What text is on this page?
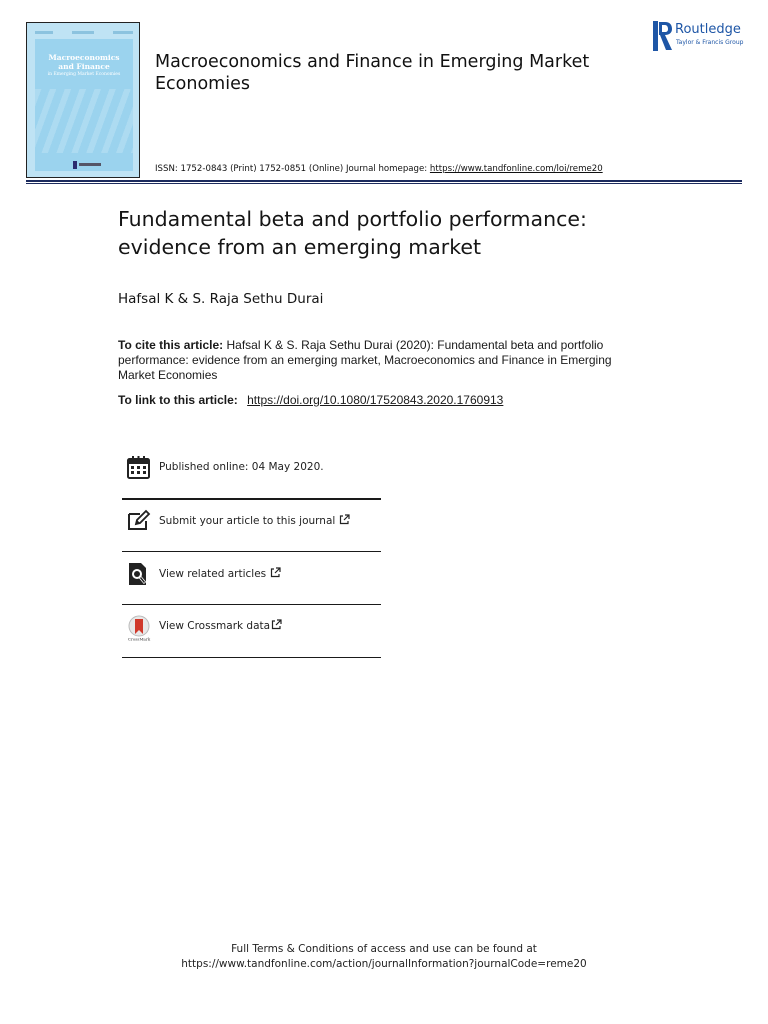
Macroeconomics
and Finance
in Emerging Market Economies
Macroeconomics and Finance in Emerging Market Economies
ISSN: 1752-0843 (Print) 1752-0851 (Online) Journal homepage: https://www.tandfonline.com/loi/reme20
Routledge
Taylor & Francis Group
Fundamental beta and portfolio performance: evidence from an emerging market
Hafsal K & S. Raja Sethu Durai
To cite this article: Hafsal K & S. Raja Sethu Durai (2020): Fundamental beta and portfolio performance: evidence from an emerging market, Macroeconomics and Finance in Emerging Market Economies
To link to this article: https://doi.org/10.1080/17520843.2020.1760913
Published online: 04 May 2020.
Submit your article to this journal
View related articles
CrossMark
View Crossmark data
Full Terms & Conditions of access and use can be found at
https://www.tandfonline.com/action/journalInformation?journalCode=reme20
